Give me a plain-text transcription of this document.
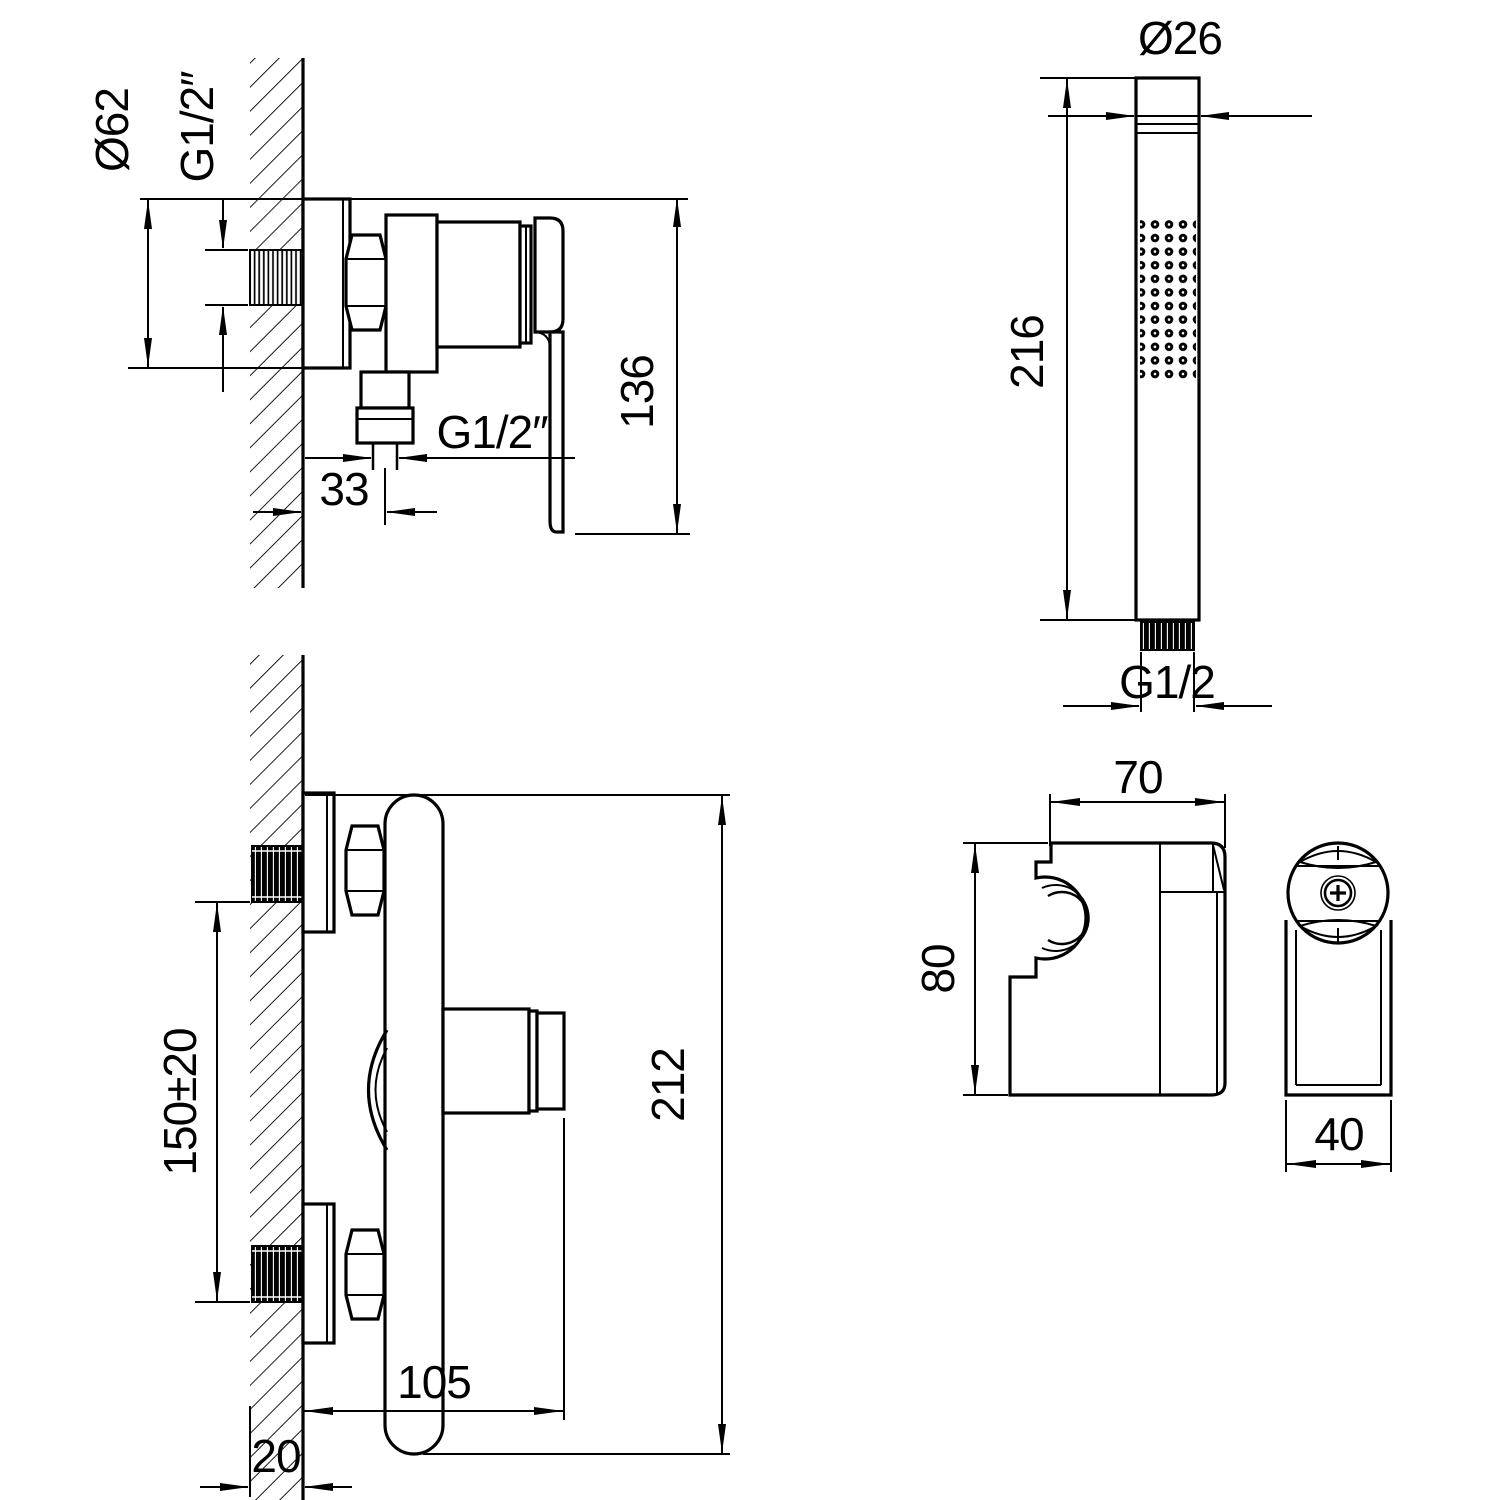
Ø62 G1/2″
33
G1/2″
136
150±20	212
105
20
Ø26
216
G1/2
70
80
40
